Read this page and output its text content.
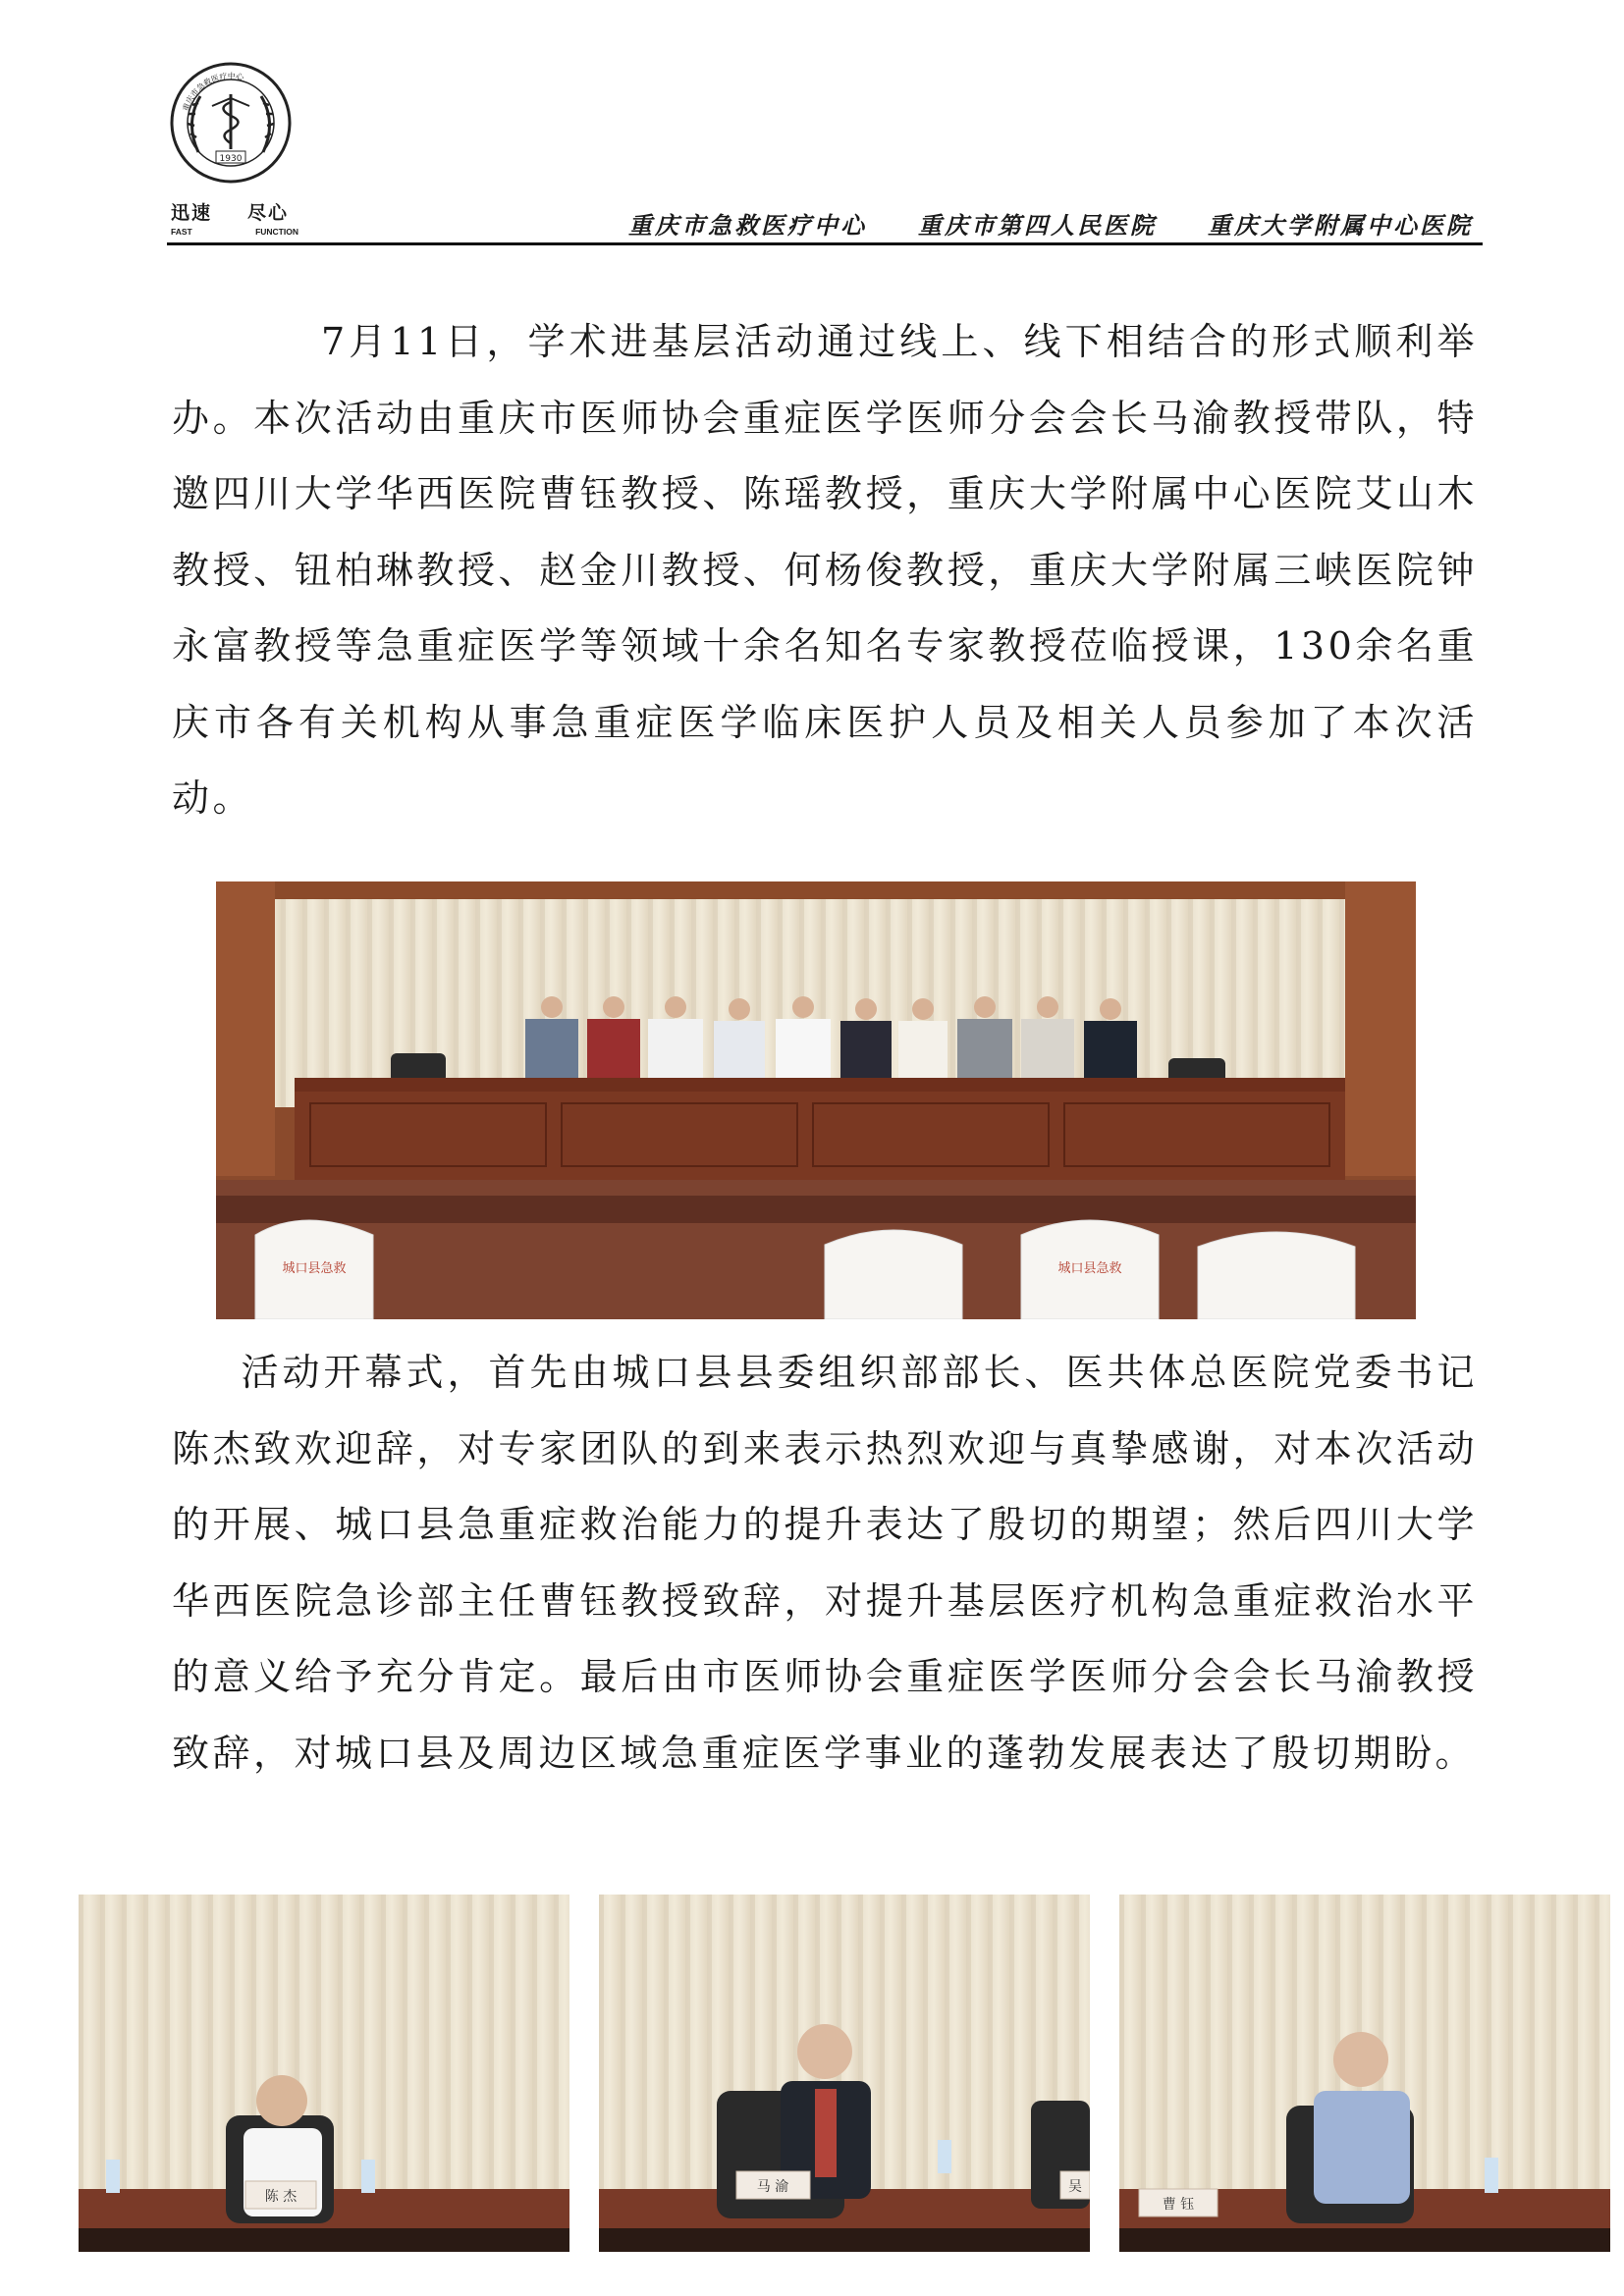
1930
重庆市急救医疗中心
迅速 尽心
FAST	FUNCTION	重庆市急救医疗中心 重庆市第四人民医院 重庆大学附属中心医院

7月11日，学术进基层活动通过线上、线下相结合的形式顺利举办。本次活动由重庆市医师协会重症医学医师分会会长马渝教授带队，特邀四川大学华西医院曹钰教授、陈瑶教授，重庆大学附属中心医院艾山木教授、钮柏琳教授、赵金川教授、何杨俊教授，重庆大学附属三峡医院钟永富教授等急重症医学等领域十余名知名专家教授莅临授课，130余名重庆市各有关机构从事急重症医学临床医护人员及相关人员参加了本次活动。

城口县急救	城口县急救

活动开幕式，首先由城口县县委组织部部长、医共体总医院党委书记陈杰致欢迎辞，对专家团队的到来表示热烈欢迎与真挚感谢，对本次活动的开展、城口县急重症救治能力的提升表达了殷切的期望；然后四川大学华西医院急诊部主任曹钰教授致辞，对提升基层医疗机构急重症救治水平的意义给予充分肯定。最后由市医师协会重症医学医师分会会长马渝教授致辞，对城口县及周边区域急重症医学事业的蓬勃发展表达了殷切期盼。

陈 杰
马 渝	吴
曹 钰
